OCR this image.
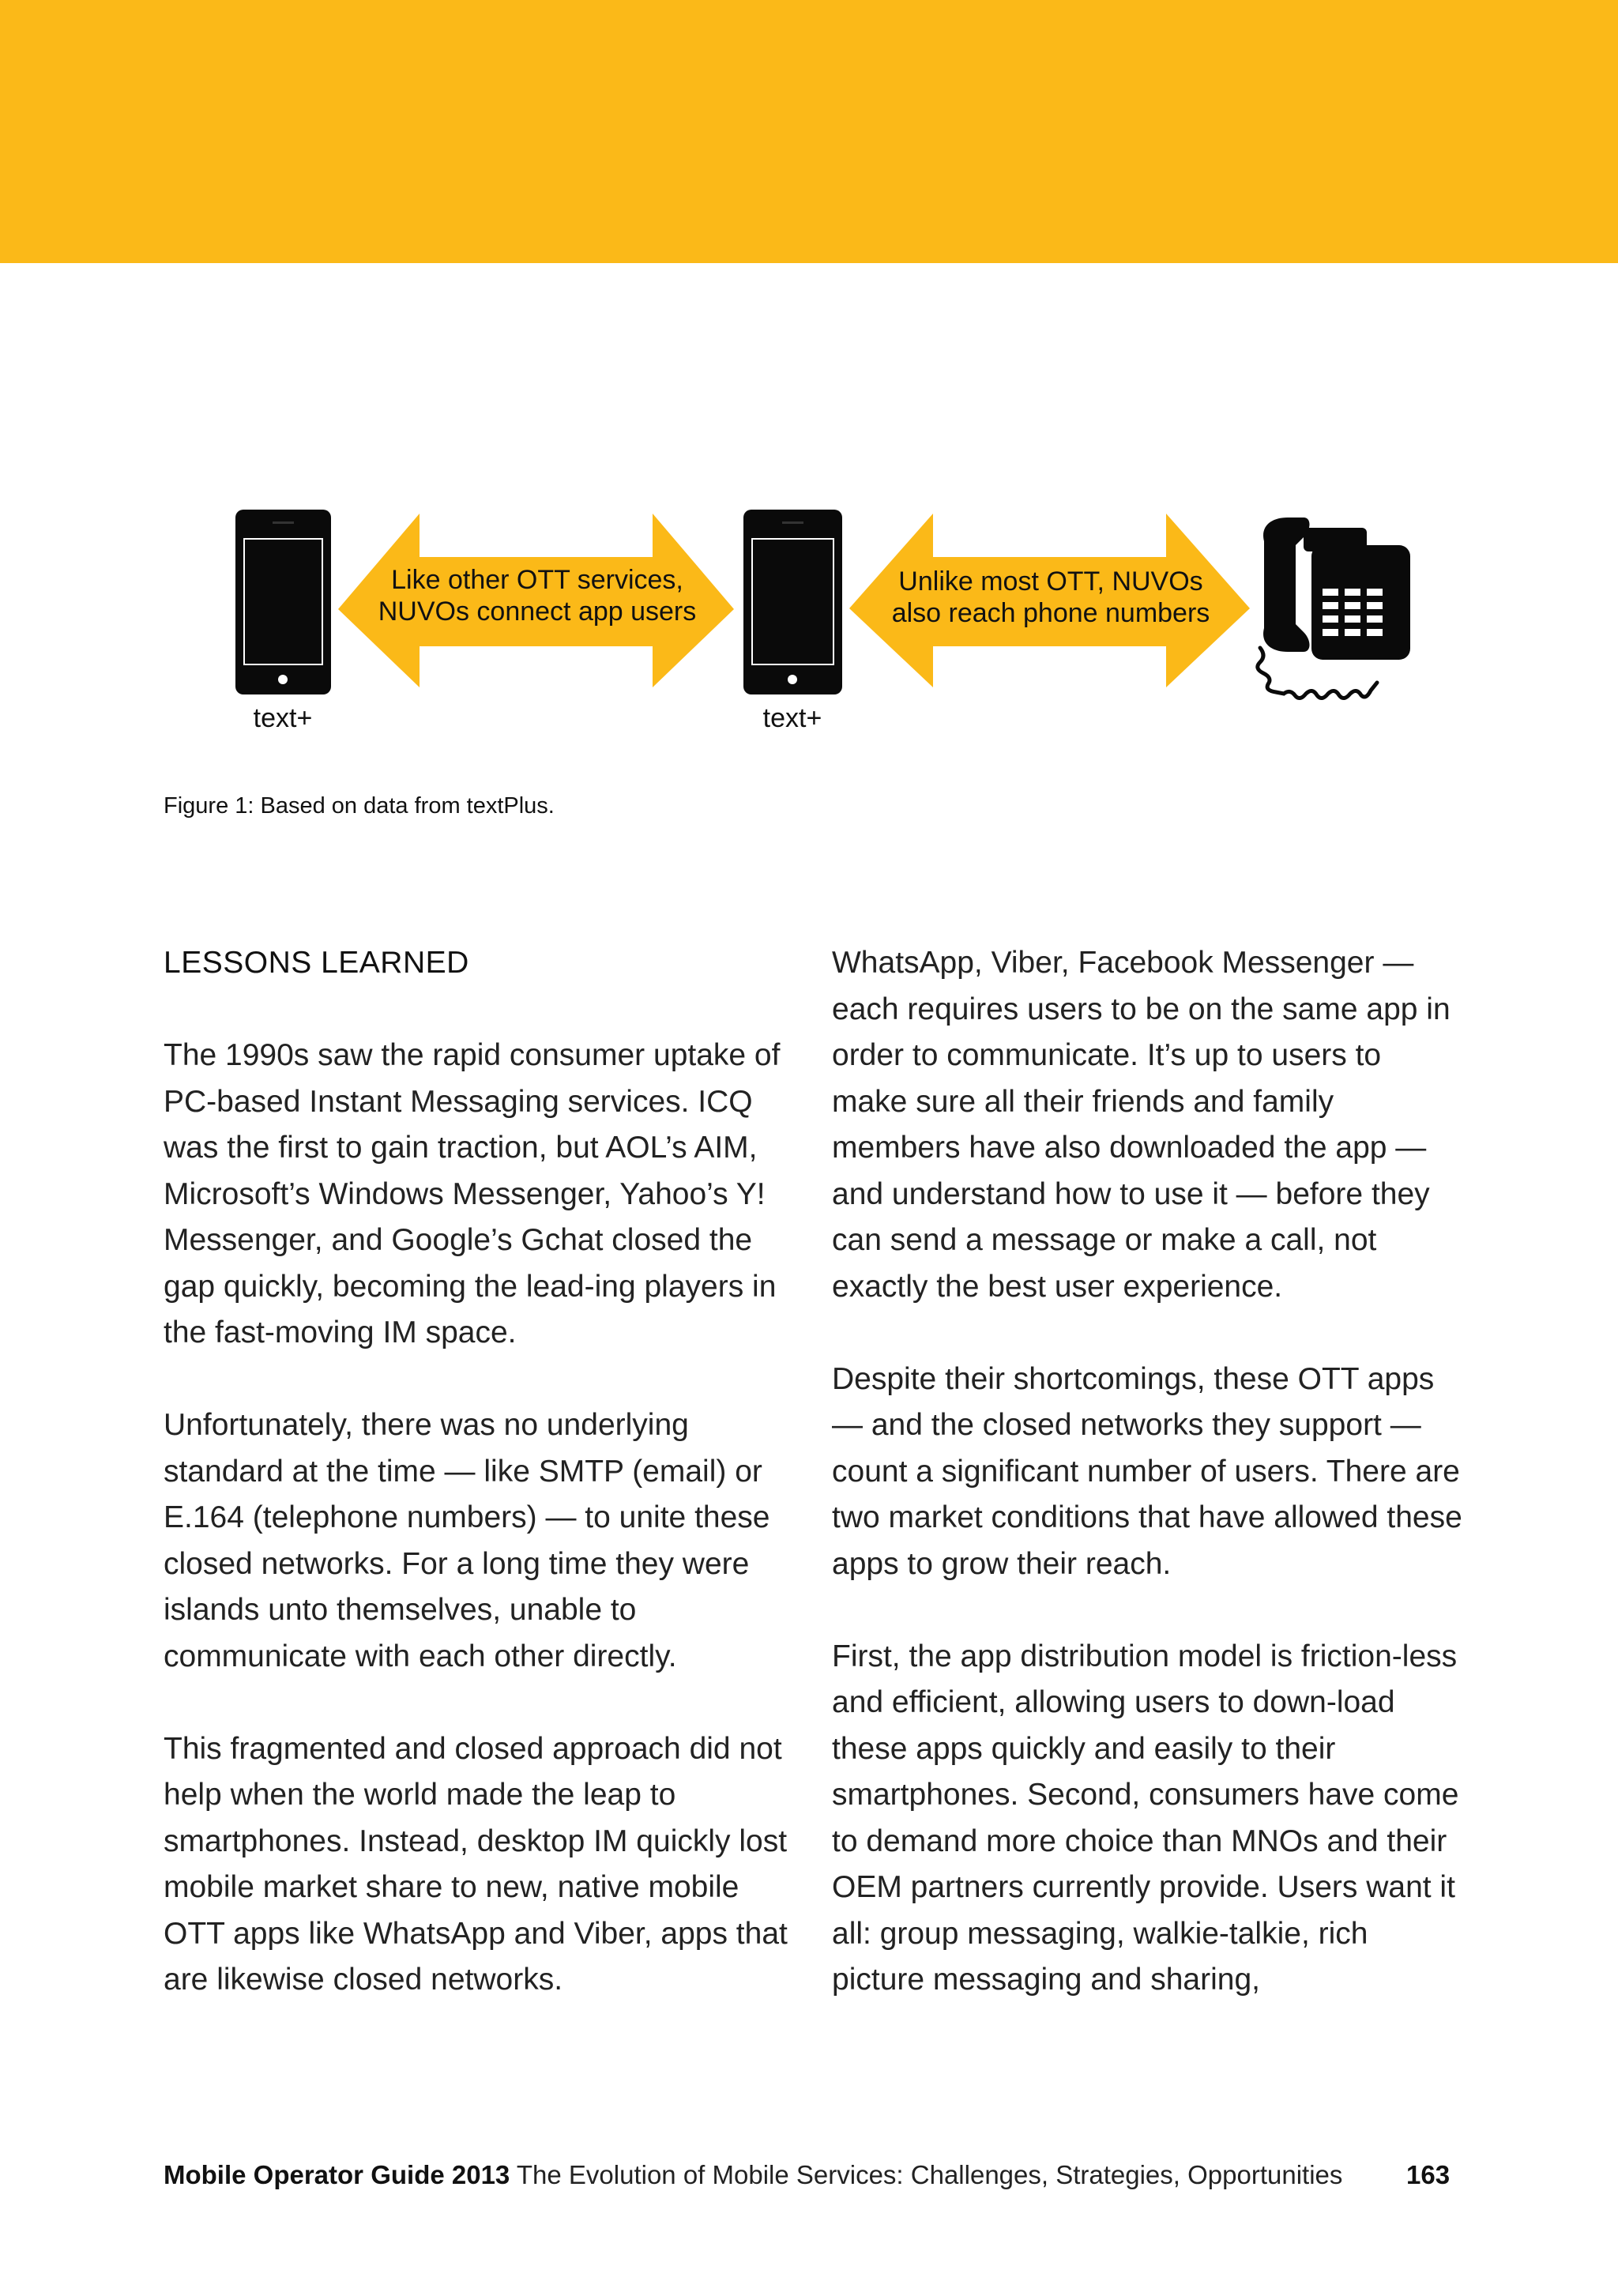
text+	text+
Like other OTT services,
NUVOs connect app users
Unlike most OTT, NUVOs
also reach phone numbers
Figure 1: Based on data from textPlus.
LESSONS LEARNED

The 1990s saw the rapid consumer uptake of PC-based Instant Messaging services. ICQ was the first to gain traction, but AOL’s AIM, Microsoft’s Windows Messenger, Yahoo’s Y! Messenger, and Google’s Gchat closed the gap quickly, becoming the lead-ing players in the fast-moving IM space.

Unfortunately, there was no underlying standard at the time — like SMTP (email) or E.164 (telephone numbers) — to unite these closed networks. For a long time they were islands unto themselves, unable to communicate with each other directly.

This fragmented and closed approach did not help when the world made the leap to smartphones. Instead, desktop IM quickly lost mobile market share to new, native mobile OTT apps like WhatsApp and Viber, apps that are likewise closed networks.

WhatsApp, Viber, Facebook Messenger — each requires users to be on the same app in order to communicate. It’s up to users to make sure all their friends and family members have also downloaded the app — and understand how to use it — before they can send a message or make a call, not exactly the best user experience.

Despite their shortcomings, these OTT apps — and the closed networks they support — count a significant number of users. There are two market conditions that have allowed these apps to grow their reach.

First, the app distribution model is friction-less and efficient, allowing users to down-load these apps quickly and easily to their smartphones. Second, consumers have come to demand more choice than MNOs and their OEM partners currently provide. Users want it all: group messaging, walkie-talkie, rich picture messaging and sharing,

Mobile Operator Guide 2013 The Evolution of Mobile Services: Challenges, Strategies, Opportunities 163
